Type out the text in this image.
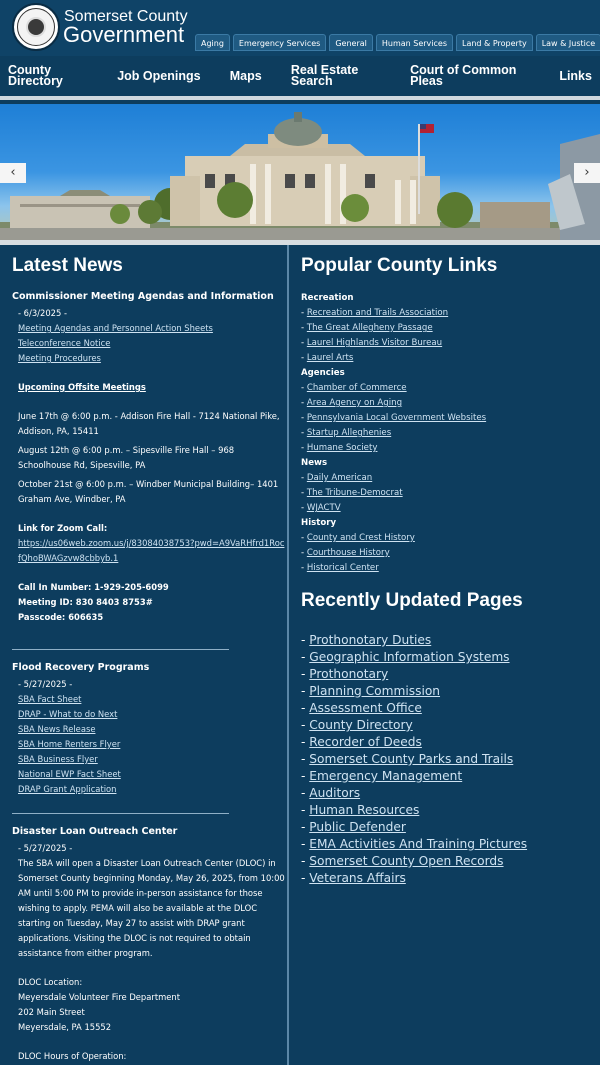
Somerset County
Government	Aging	Emergency Services	General	Human Services	Land & Property	Law & Justice
County Directory	Job Openings Maps Real Estate Search
Court of Common Pleas	Links
‹	›
Latest News
Commissioner Meeting Agendas and Information
- 6/3/2025 -
Meeting Agendas and Personnel Action Sheets
Teleconference Notice
Meeting Procedures
Upcoming Offsite Meetings
June 17th @ 6:00 p.m. - Addison Fire Hall - 7124 National Pike, Addison, PA, 15411
August 12th @ 6:00 p.m. – Sipesville Fire Hall – 968 Schoolhouse Rd, Sipesville, PA
October 21st @ 6:00 p.m. – Windber Municipal Building– 1401 Graham Ave, Windber, PA
Link for Zoom Call:
https://us06web.zoom.us/j/83084038753?pwd=A9VaRHfrd1RocfQhoBWAGzvw8cbbyb.1
Call In Number: 1-929-205-6099
Meeting ID: 830 8403 8753#
Passcode: 606635
Flood Recovery Programs
- 5/27/2025 -
SBA Fact Sheet
DRAP - What to do Next
SBA News Release
SBA Home Renters Flyer
SBA Business Flyer
National EWP Fact Sheet
DRAP Grant Application
Disaster Loan Outreach Center
- 5/27/2025 -
The SBA will open a Disaster Loan Outreach Center (DLOC) in Somerset County beginning Monday, May 26, 2025, from 10:00 AM until 5:00 PM to provide in-person assistance for those wishing to apply. PEMA will also be available at the DLOC starting on Tuesday, May 27 to assist with DRAP grant applications. Visiting the DLOC is not required to obtain assistance from either program.
DLOC Location:
Meyersdale Volunteer Fire Department
202 Main Street
Meyersdale, PA 15552
DLOC Hours of Operation:
Popular County Links
Recreation
- Recreation and Trails Association
- The Great Allegheny Passage
- Laurel Highlands Visitor Bureau
- Laurel Arts
Agencies
- Chamber of Commerce
- Area Agency on Aging
- Pennsylvania Local Government Websites
- Startup Alleghenies
- Humane Society
News
- Daily American
- The Tribune-Democrat
- WJACTV
History
- County and Crest History
- Courthouse History
- Historical Center
Recently Updated Pages
- Prothonotary Duties
- Geographic Information Systems
- Prothonotary
- Planning Commission
- Assessment Office
- County Directory
- Recorder of Deeds
- Somerset County Parks and Trails
- Emergency Management
- Auditors
- Human Resources
- Public Defender
- EMA Activities And Training Pictures
- Somerset County Open Records
- Veterans Affairs
